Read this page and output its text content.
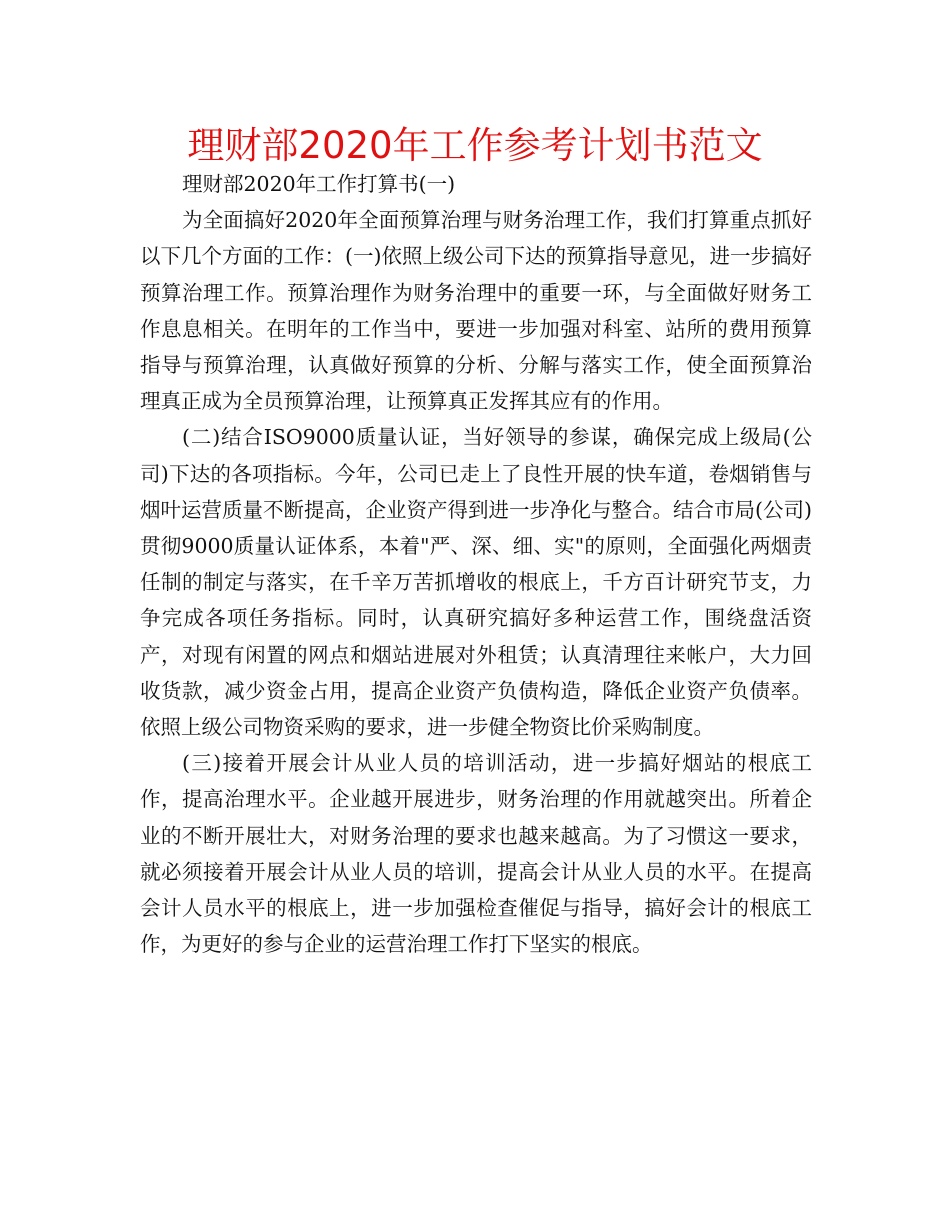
理财部2020年工作参考计划书范文

理财部2020年工作打算书(一)

为全面搞好2020年全面预算治理与财务治理工作，我们打算重点抓好以下几个方面的工作：(一)依照上级公司下达的预算指导意见，进一步搞好预算治理工作。预算治理作为财务治理中的重要一环，与全面做好财务工作息息相关。在明年的工作当中，要进一步加强对科室、站所的费用预算指导与预算治理，认真做好预算的分析、分解与落实工作，使全面预算治理真正成为全员预算治理，让预算真正发挥其应有的作用。

(二)结合ISO9000质量认证，当好领导的参谋，确保完成上级局(公司)下达的各项指标。今年，公司已走上了良性开展的快车道，卷烟销售与烟叶运营质量不断提高，企业资产得到进一步净化与整合。结合市局(公司)贯彻9000质量认证体系，本着"严、深、细、实"的原则，全面强化两烟责任制的制定与落实，在千辛万苦抓增收的根底上，千方百计研究节支，力争完成各项任务指标。同时，认真研究搞好多种运营工作，围绕盘活资产，对现有闲置的网点和烟站进展对外租赁；认真清理往来帐户，大力回收货款，减少资金占用，提高企业资产负债构造，降低企业资产负债率。依照上级公司物资采购的要求，进一步健全物资比价采购制度。

(三)接着开展会计从业人员的培训活动，进一步搞好烟站的根底工作，提高治理水平。企业越开展进步，财务治理的作用就越突出。所着企业的不断开展壮大，对财务治理的要求也越来越高。为了习惯这一要求，就必须接着开展会计从业人员的培训，提高会计从业人员的水平。在提高会计人员水平的根底上，进一步加强检查催促与指导，搞好会计的根底工作，为更好的参与企业的运营治理工作打下坚实的根底。
